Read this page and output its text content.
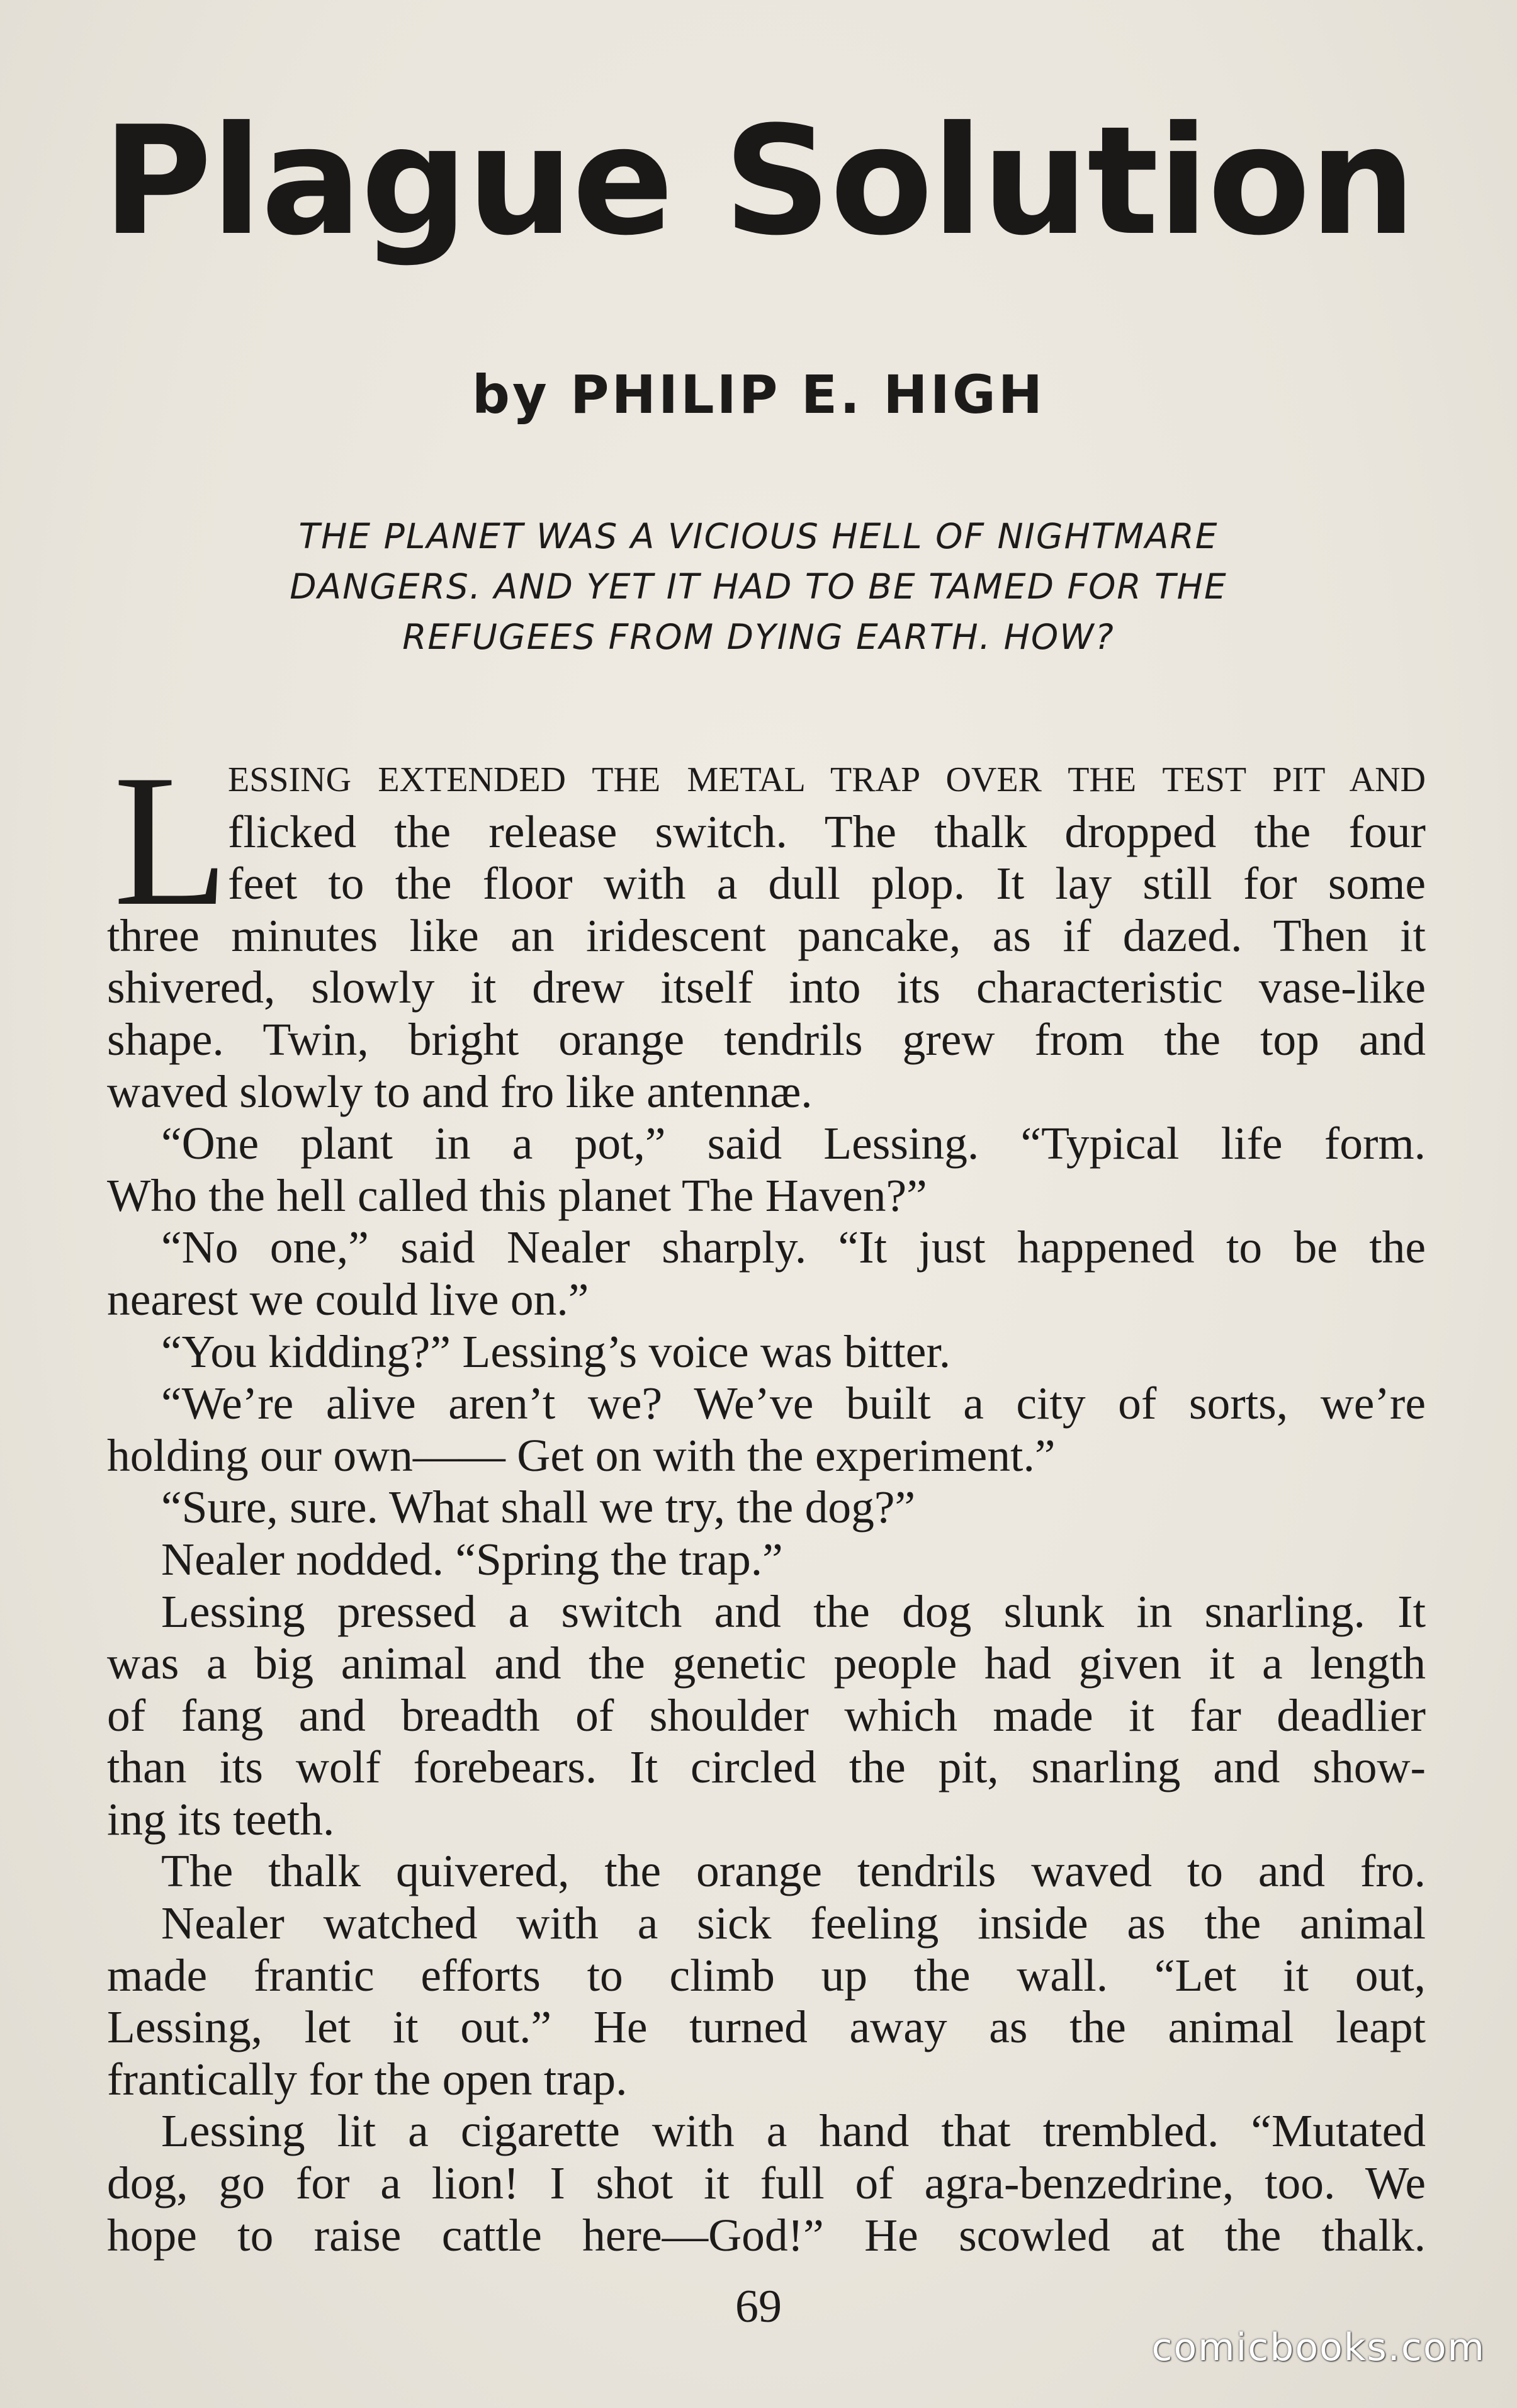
Plague Solution
by PHILIP E. HIGH
THE PLANET WAS A VICIOUS HELL OF NIGHTMARE
DANGERS. AND YET IT HAD TO BE TAMED FOR THE
REFUGEES FROM DYING EARTH. HOW?
L
ESSING EXTENDED THE METAL TRAP OVER THE TEST PIT AND
flicked the release switch. The thalk dropped the four
feet to the floor with a dull plop. It lay still for some
three minutes like an iridescent pancake, as if dazed. Then it
shivered, slowly it drew itself into its characteristic vase-like
shape. Twin, bright orange tendrils grew from the top and
waved slowly to and fro like antennæ.
“One plant in a pot,” said Lessing. “Typical life form.
Who the hell called this planet The Haven?”
“No one,” said Nealer sharply. “It just happened to be the
nearest we could live on.”
“You kidding?” Lessing’s voice was bitter.
“We’re alive aren’t we? We’ve built a city of sorts, we’re
holding our own—— Get on with the experiment.”
“Sure, sure. What shall we try, the dog?”
Nealer nodded. “Spring the trap.”
Lessing pressed a switch and the dog slunk in snarling. It
was a big animal and the genetic people had given it a length
of fang and breadth of shoulder which made it far deadlier
than its wolf forebears. It circled the pit, snarling and show-
ing its teeth.
The thalk quivered, the orange tendrils waved to and fro.
Nealer watched with a sick feeling inside as the animal
made frantic efforts to climb up the wall. “Let it out,
Lessing, let it out.” He turned away as the animal leapt
frantically for the open trap.
Lessing lit a cigarette with a hand that trembled. “Mutated
dog, go for a lion! I shot it full of agra-benzedrine, too. We
hope to raise cattle here—God!” He scowled at the thalk.
69
comicbooks.com
